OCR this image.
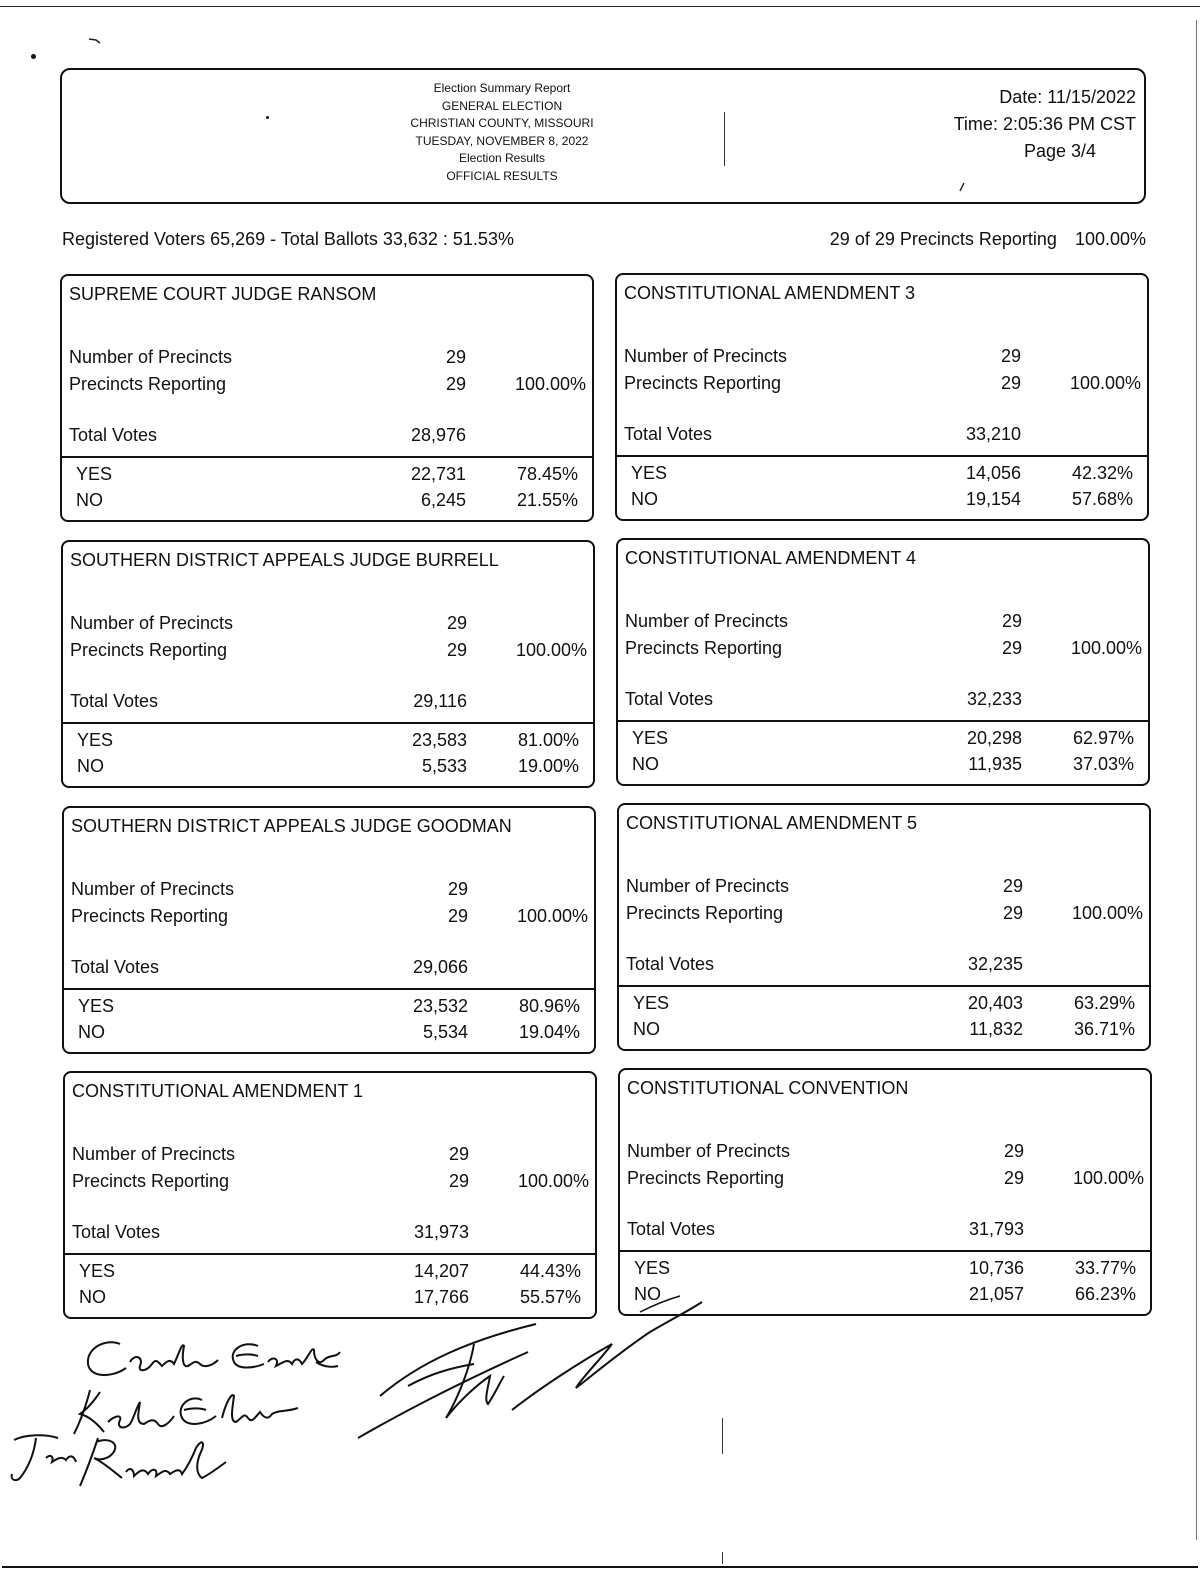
Election Summary Report
GENERAL ELECTION
CHRISTIAN COUNTY, MISSOURI
TUESDAY, NOVEMBER 8, 2022
Election Results
OFFICIAL RESULTS
Date: 11/15/2022
Time: 2:05:36 PM CST
Page 3/4
Registered Voters 65,269 - Total Ballots 33,632 : 51.53%	29 of 29 Precincts Reporting 100.00%
SUPREME COURT JUDGE RANSOM
Number of Precincts	29
Precincts Reporting	29	100.00%
Total Votes	28,976
YES	22,731	78.45%
NO	6,245	21.55%
CONSTITUTIONAL AMENDMENT 3
Number of Precincts	29
Precincts Reporting	29	100.00%
Total Votes	33,210
YES	14,056	42.32%
NO	19,154	57.68%
SOUTHERN DISTRICT APPEALS JUDGE BURRELL
Number of Precincts	29
Precincts Reporting	29	100.00%
Total Votes	29,116
YES	23,583	81.00%
NO	5,533	19.00%
CONSTITUTIONAL AMENDMENT 4
Number of Precincts	29
Precincts Reporting	29	100.00%
Total Votes	32,233
YES	20,298	62.97%
NO	11,935	37.03%
SOUTHERN DISTRICT APPEALS JUDGE GOODMAN
Number of Precincts	29
Precincts Reporting	29	100.00%
Total Votes	29,066
YES	23,532	80.96%
NO	5,534	19.04%
CONSTITUTIONAL AMENDMENT 5
Number of Precincts	29
Precincts Reporting	29	100.00%
Total Votes	32,235
YES	20,403	63.29%
NO	11,832	36.71%
CONSTITUTIONAL AMENDMENT 1
Number of Precincts	29
Precincts Reporting	29	100.00%
Total Votes	31,973
YES	14,207	44.43%
NO	17,766	55.57%
CONSTITUTIONAL CONVENTION
Number of Precincts	29
Precincts Reporting	29	100.00%
Total Votes	31,793
YES	10,736	33.77%
NO	21,057	66.23%
